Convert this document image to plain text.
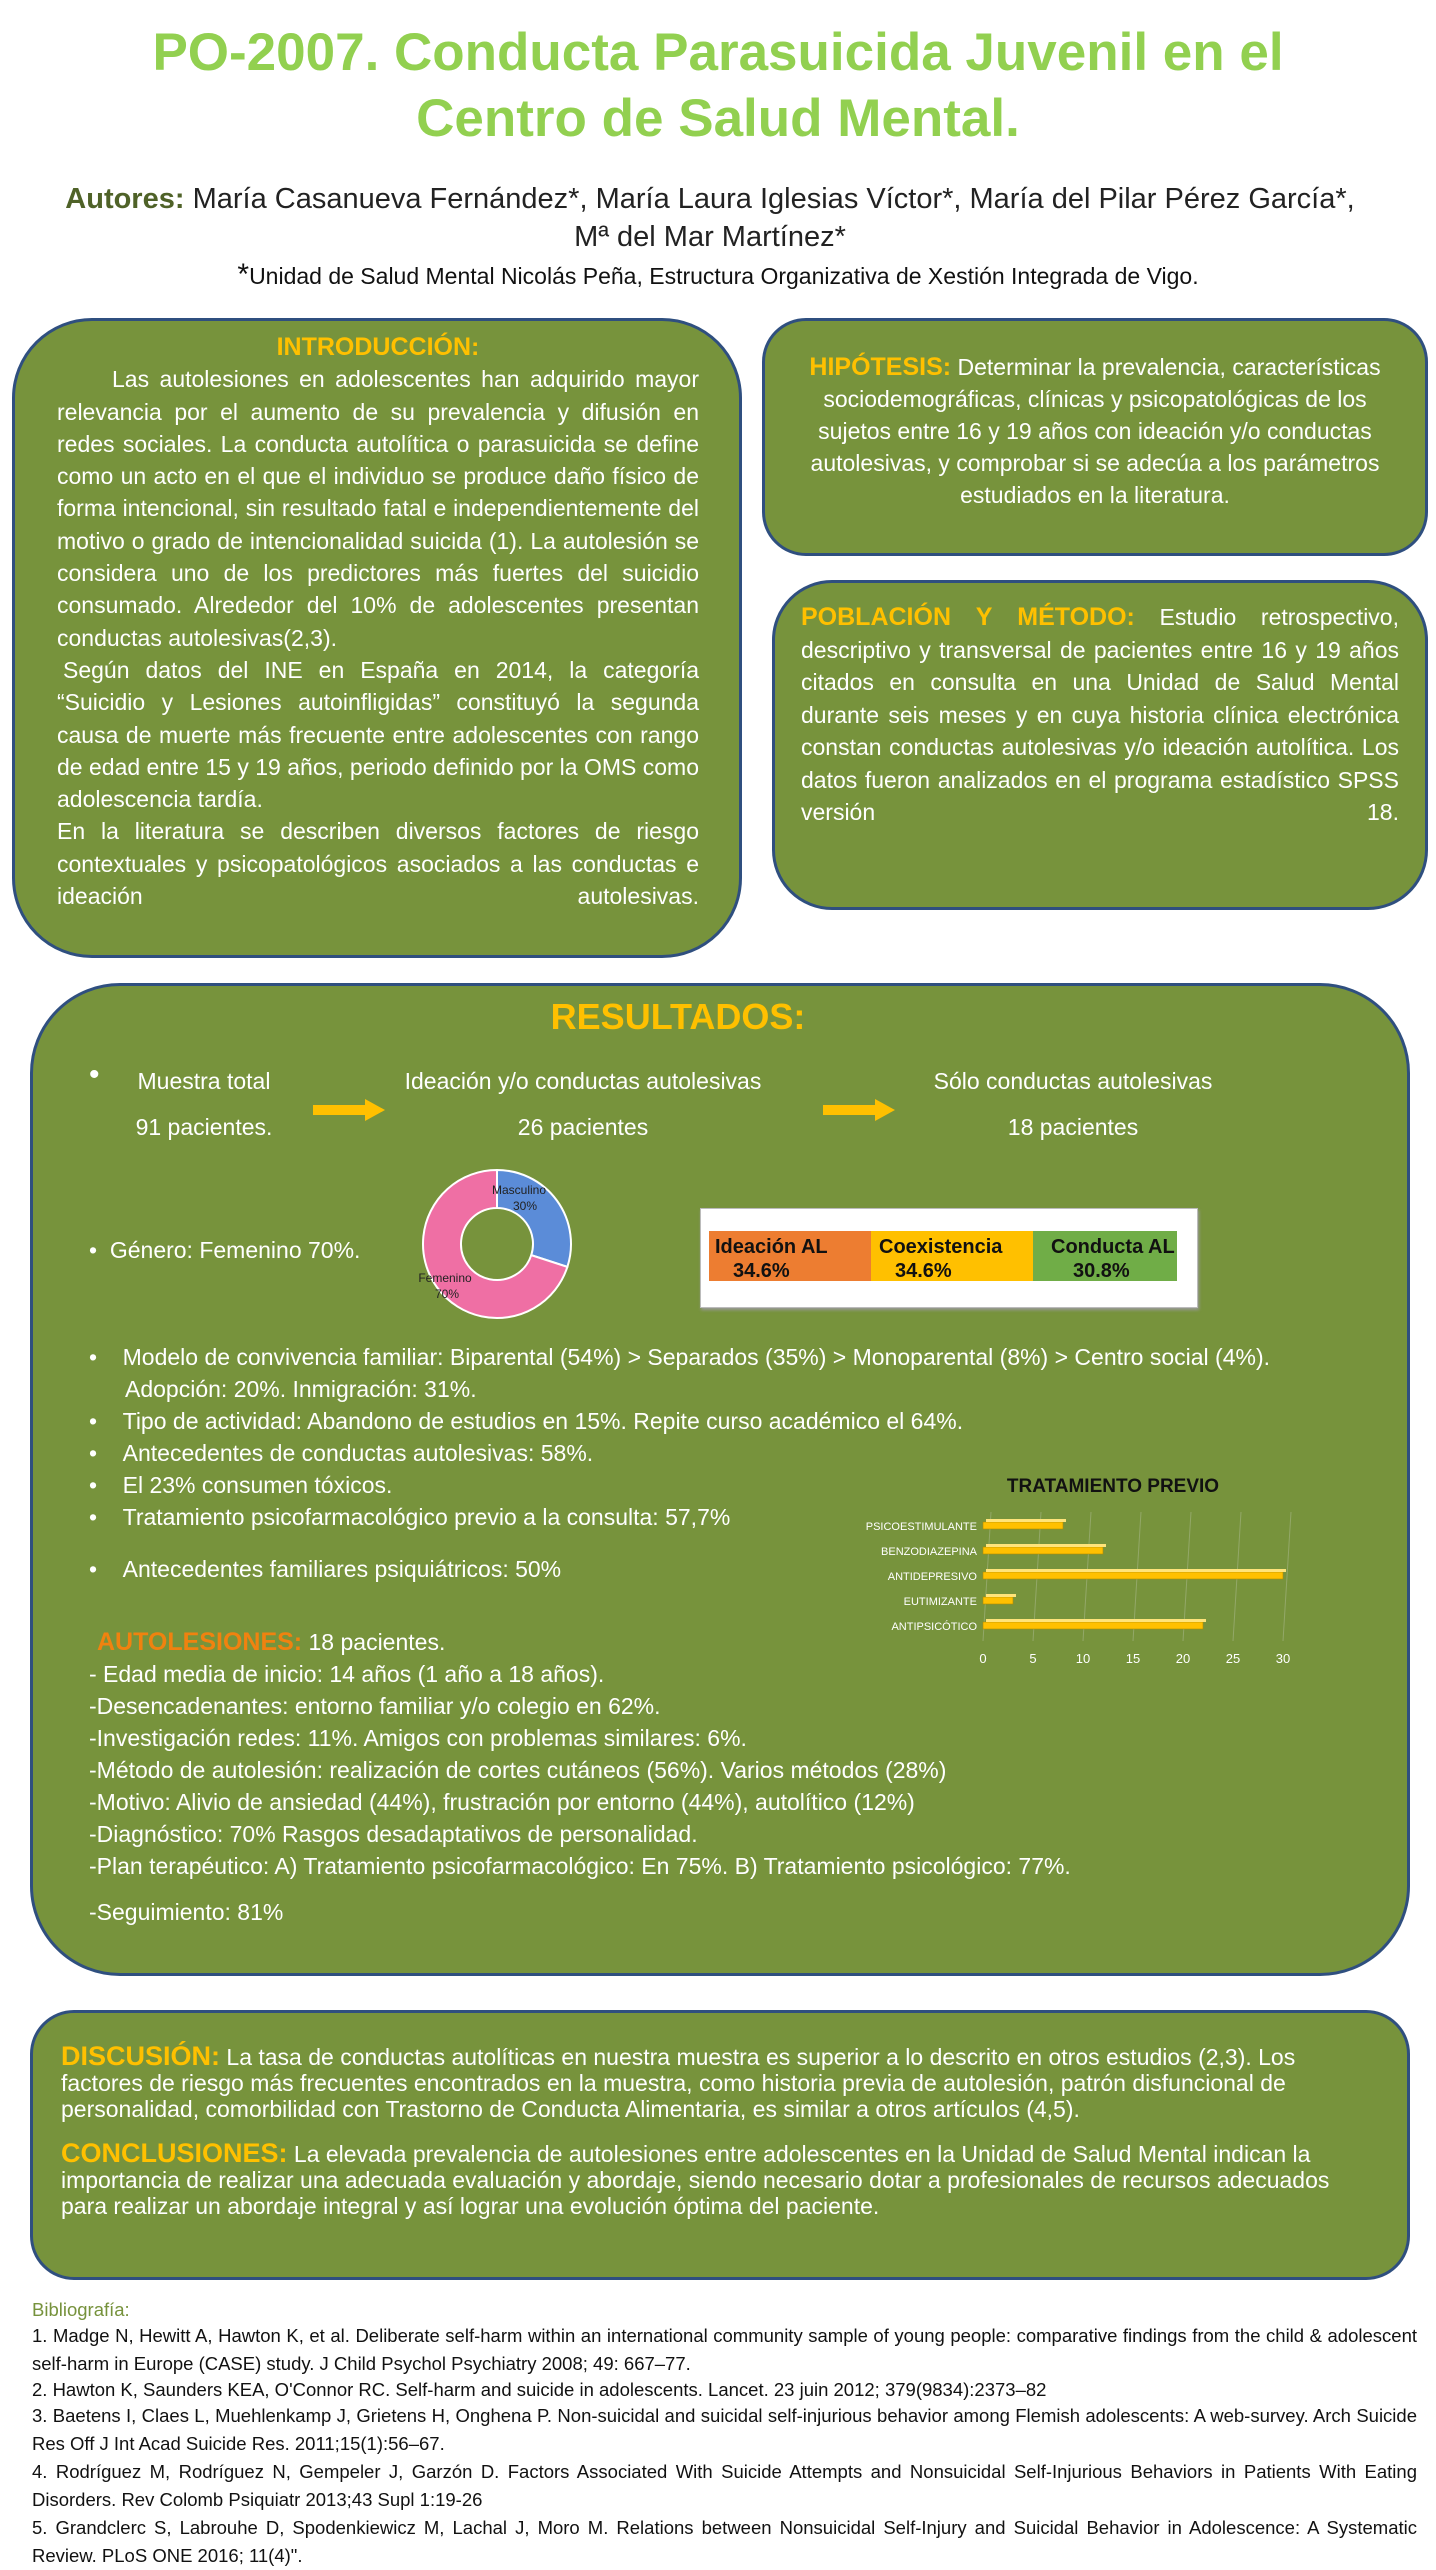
PO-2007. Conducta Parasuicida Juvenil en el
Centro de Salud Mental.
Autores: María Casanueva Fernández*, María Laura Iglesias Víctor*, María del Pilar Pérez García*,
Mª del Mar Martínez*
*Unidad de Salud Mental Nicolás Peña, Estructura Organizativa de Xestión Integrada de Vigo.
INTRODUCCIÓN:

Las autolesiones en adolescentes han adquirido mayor relevancia por el aumento de su prevalencia y difusión en redes sociales. La conducta autolítica o parasuicida se define como un acto en el que el individuo se produce daño físico de forma intencional, sin resultado fatal e independientemente del motivo o grado de intencionalidad suicida (1). La autolesión se considera uno de los predictores más fuertes del suicidio consumado. Alrededor del 10% de adolescentes presentan conductas autolesivas(2,3).

Según datos del INE en España en 2014, la categoría “Suicidio y Lesiones autoinfligidas” constituyó la segunda causa de muerte más frecuente entre adolescentes con rango de edad entre 15 y 19 años, periodo definido por la OMS como adolescencia tardía.

En la literatura se describen diversos factores de riesgo contextuales y psicopatológicos asociados a las conductas e ideación autolesivas.

HIPÓTESIS: Determinar la prevalencia, características sociodemográficas, clínicas y psicopatológicas de los sujetos entre 16 y 19 años con ideación y/o conductas autolesivas, y comprobar si se adecúa a los parámetros estudiados en la literatura.
POBLACIÓN Y MÉTODO: Estudio retrospectivo, descriptivo y transversal de pacientes entre 16 y 19 años citados en consulta en una Unidad de Salud Mental durante seis meses y en cuya historia clínica electrónica constan conductas autolesivas y/o ideación autolítica. Los datos fueron analizados en el programa estadístico SPSS versión 18.
RESULTADOS:
•	Muestra total
91 pacientes.
Ideación y/o conductas autolesivas
26 pacientes
Sólo conductas autolesivas
18 pacientes
•  Género: Femenino 70%.
Masculino
30%
Femenino
70%
•    Modelo de convivencia familiar: Biparental (54%) > Separados (35%) > Monoparental (8%) > Centro social (4%).
Adopción: 20%. Inmigración: 31%.
•    Tipo de actividad: Abandono de estudios en 15%. Repite curso académico el 64%.
•    Antecedentes de conductas autolesivas: 58%.
•    El 23% consumen tóxicos.
•    Tratamiento psicofarmacológico previo a la consulta: 57,7%
•    Antecedentes familiares psiquiátricos: 50%
AUTOLESIONES: 18 pacientes.
- Edad media de inicio: 14 años (1 año a 18 años).
-Desencadenantes: entorno familiar y/o colegio en 62%.
-Investigación redes: 11%. Amigos con problemas similares: 6%.
-Método de autolesión: realización de cortes cutáneos (56%). Varios métodos (28%)
-Motivo: Alivio de ansiedad (44%), frustración por entorno (44%), autolítico (12%)
-Diagnóstico: 70% Rasgos desadaptativos de personalidad.
-Plan terapéutico: A) Tratamiento psicofarmacológico: En 75%. B) Tratamiento psicológico: 77%.
-Seguimiento: 81%
TRATAMIENTO PREVIO
0	5	10	15	20	25	30
PSICOESTIMULANTE
BENZODIAZEPINA
ANTIDEPRESIVO
EUTIMIZANTE
ANTIPSICÓTICO
Ideación AL
34.6%
Coexistencia
34.6%
Conducta AL
30.8%

DISCUSIÓN: La tasa de conductas autolíticas en nuestra muestra es superior a lo descrito en otros estudios (2,3). Los factores de riesgo más frecuentes encontrados en la muestra, como historia previa de autolesión, patrón disfuncional de personalidad, comorbilidad con Trastorno de Conducta Alimentaria, es similar a otros artículos (4,5).

CONCLUSIONES: La elevada prevalencia de autolesiones entre adolescentes en la Unidad de Salud Mental indican la importancia de realizar una adecuada evaluación y abordaje, siendo necesario dotar a profesionales de recursos adecuados para realizar un abordaje integral y así lograr una evolución óptima del paciente.

Bibliografía:
1. Madge N, Hewitt A, Hawton K, et al. Deliberate self-harm within an international community sample of young people: comparative findings from the child & adolescent self-harm in Europe (CASE) study. J Child Psychol Psychiatry 2008; 49: 667–77.
2. Hawton K, Saunders KEA, O'Connor RC. Self-harm and suicide in adolescents. Lancet. 23 juin 2012; 379(9834):2373–82
3. Baetens I, Claes L, Muehlenkamp J, Grietens H, Onghena P. Non-suicidal and suicidal self-injurious behavior among Flemish adolescents: A web-survey. Arch Suicide Res Off J Int Acad Suicide Res. 2011;15(1):56–67.
4. Rodríguez M, Rodríguez N, Gempeler J, Garzón D. Factors Associated With Suicide Attempts and Nonsuicidal Self-Injurious Behaviors in Patients With Eating Disorders. Rev Colomb Psiquiatr 2013;43 Supl 1:19-26
5. Grandclerc S, Labrouhe D, Spodenkiewicz M, Lachal J, Moro M. Relations between Nonsuicidal Self-Injury and Suicidal Behavior in Adolescence: A Systematic Review. PLoS ONE 2016; 11(4)".
